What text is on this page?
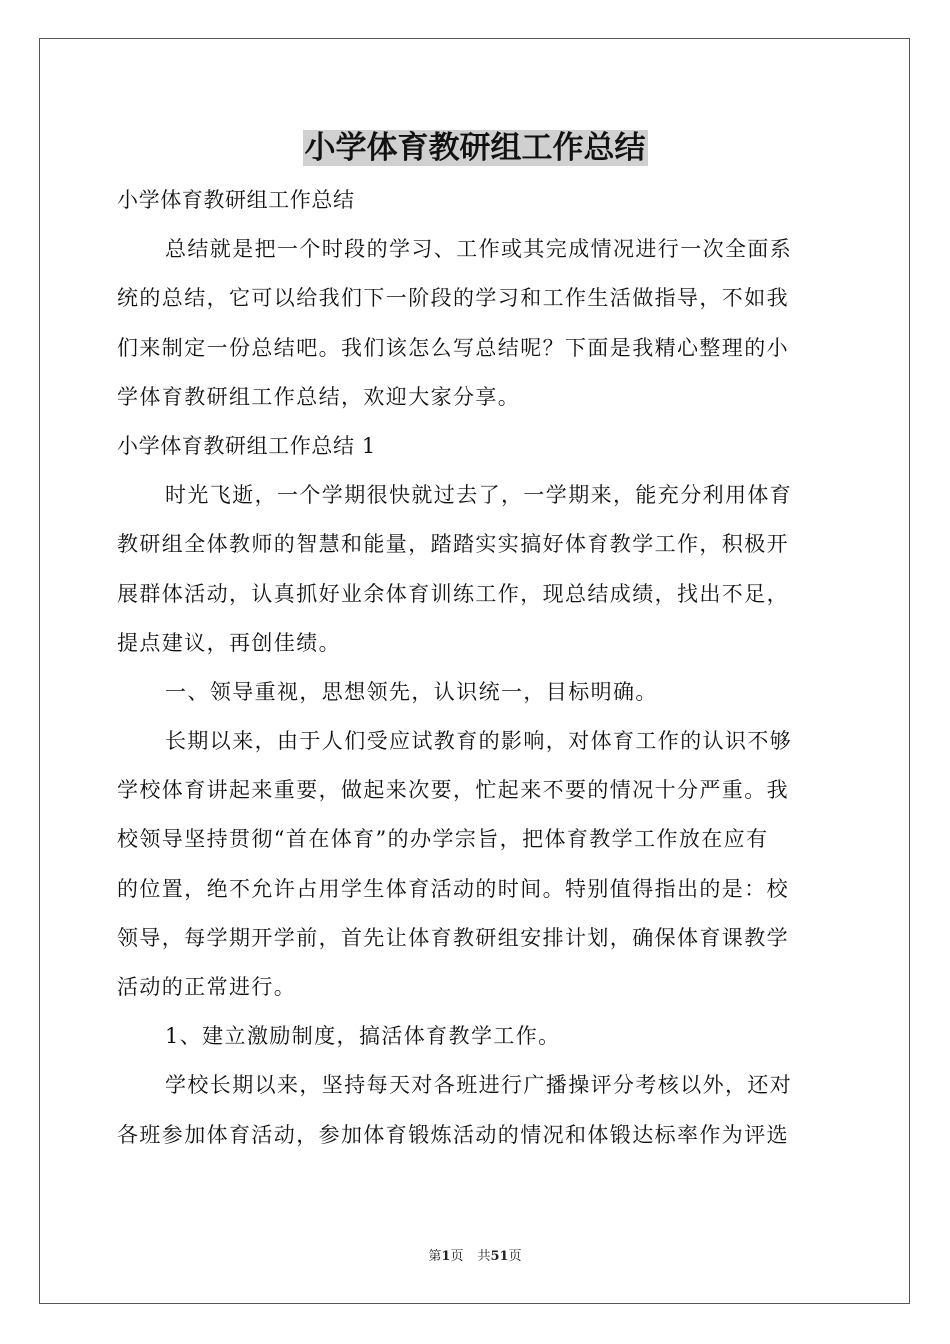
小学体育教研组工作总结
小学体育教研组工作总结
总结就是把一个时段的学习、工作或其完成情况进行一次全面系
统的总结，它可以给我们下一阶段的学习和工作生活做指导，不如我
们来制定一份总结吧。我们该怎么写总结呢？下面是我精心整理的小
学体育教研组工作总结，欢迎大家分享。
小学体育教研组工作总结 1
时光飞逝，一个学期很快就过去了，一学期来，能充分利用体育
教研组全体教师的智慧和能量，踏踏实实搞好体育教学工作，积极开
展群体活动，认真抓好业余体育训练工作，现总结成绩，找出不足，
提点建议，再创佳绩。
一、领导重视，思想领先，认识统一，目标明确。
长期以来，由于人们受应试教育的影响，对体育工作的认识不够
学校体育讲起来重要，做起来次要，忙起来不要的情况十分严重。我
校领导坚持贯彻“首在体育”的办学宗旨，把体育教学工作放在应有
的位置，绝不允许占用学生体育活动的时间。特别值得指出的是：校
领导，每学期开学前，首先让体育教研组安排计划，确保体育课教学
活动的正常进行。
1、建立激励制度，搞活体育教学工作。
学校长期以来，坚持每天对各班进行广播操评分考核以外，还对
各班参加体育活动，参加体育锻炼活动的情况和体锻达标率作为评选
第1页 共51页
